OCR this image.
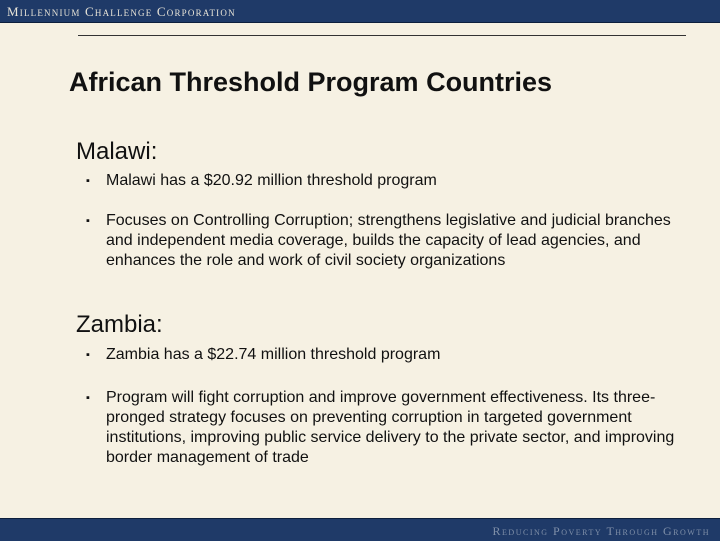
Millennium Challenge Corporation
African Threshold Program Countries
Malawi:
▪ Malawi has a $20.92 million threshold program
▪ Focuses on Controlling Corruption; strengthens legislative and judicial branches and independent media coverage, builds the capacity of lead agencies, and enhances the role and work of civil society organizations
Zambia:
▪ Zambia has a $22.74 million threshold program
▪ Program will fight corruption and improve government effectiveness. Its three-pronged strategy focuses on preventing corruption in targeted government institutions, improving public service delivery to the private sector, and improving border management of trade
Reducing Poverty Through Growth
